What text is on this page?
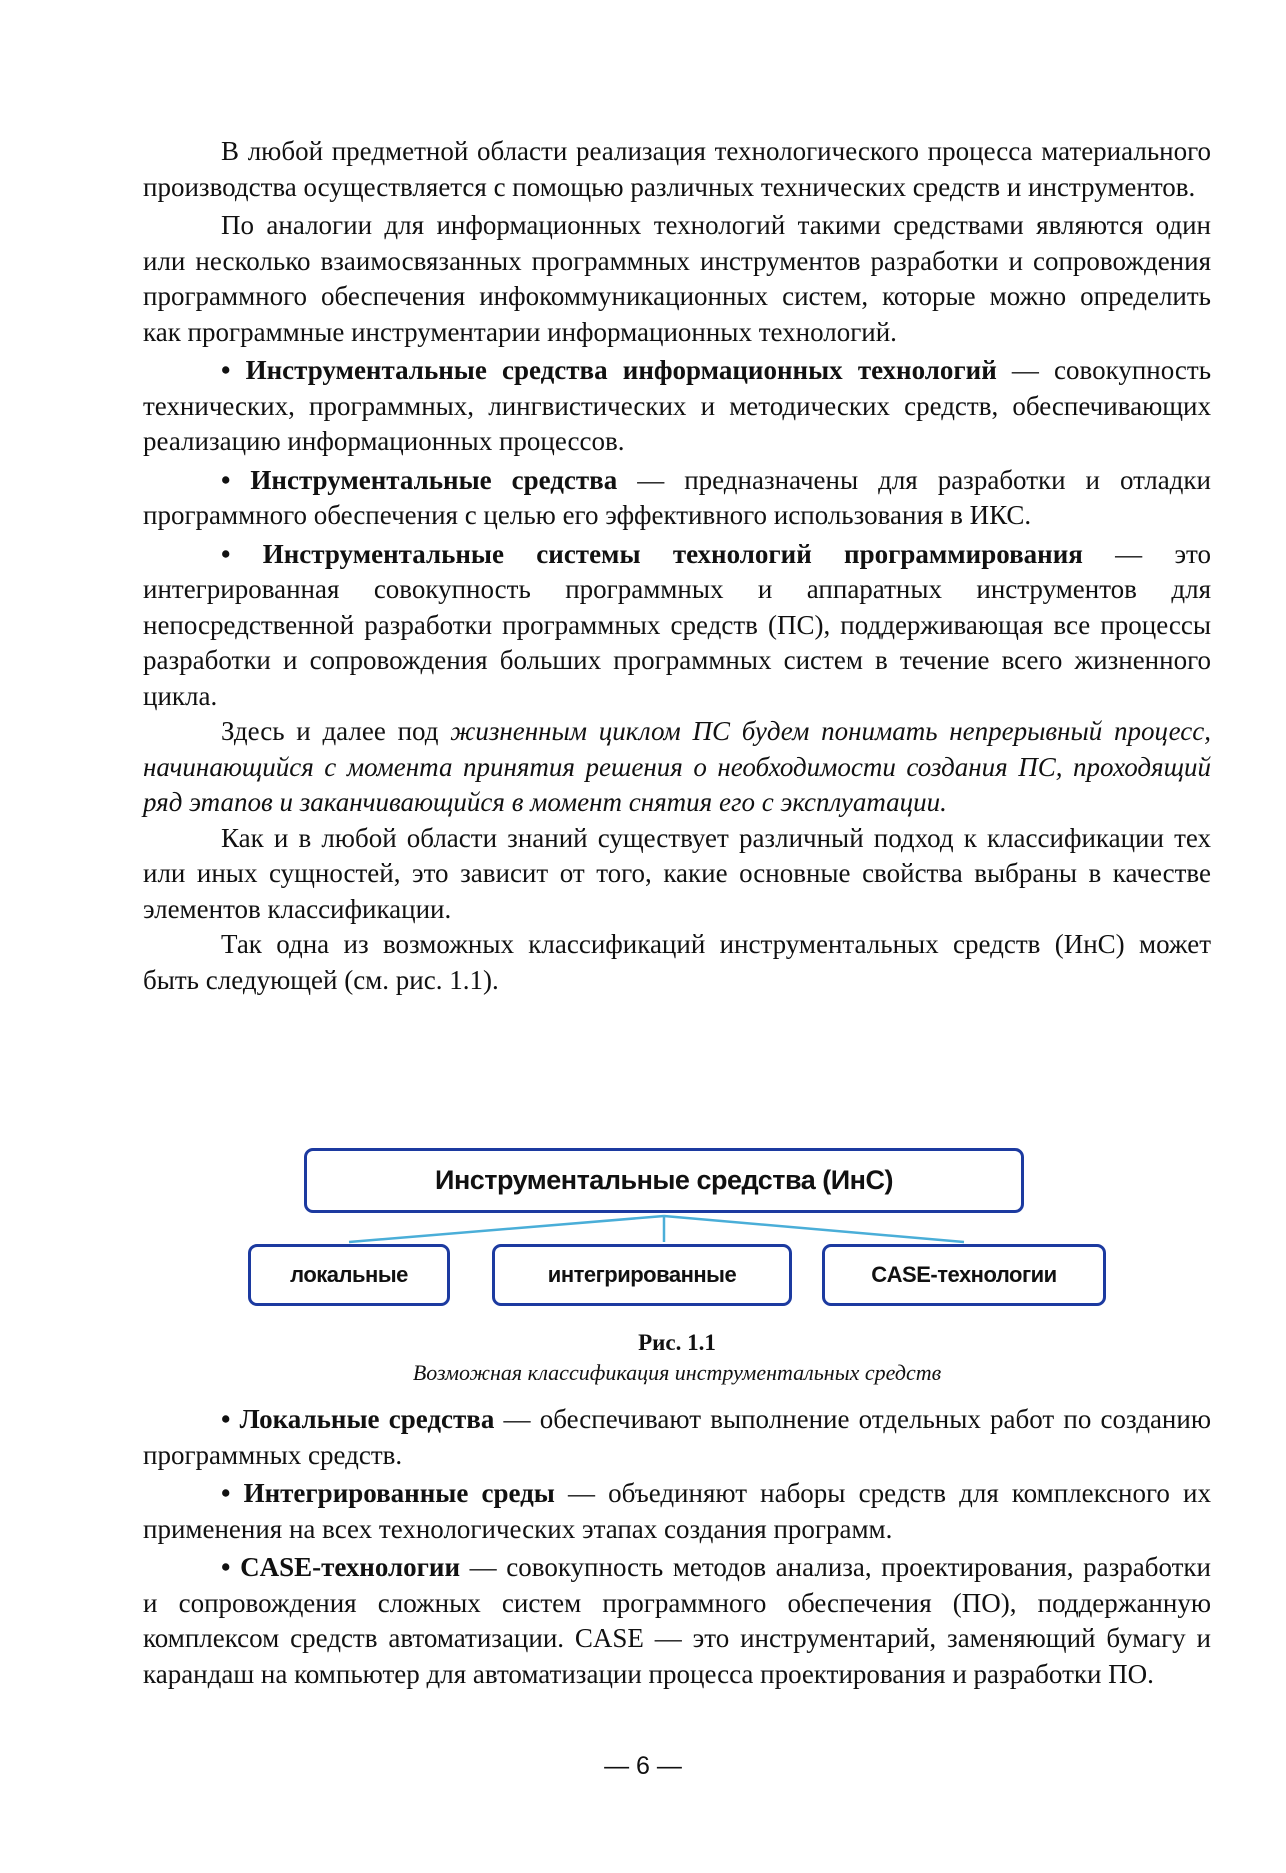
В любой предметной области реализация технологического процесса материального производства осуществляется с помощью различных технических средств и инструментов.

По аналогии для информационных технологий такими средствами являются один или несколько взаимосвязанных программных инструментов разработки и сопровождения программного обеспечения инфокоммуникационных систем, которые можно определить как программные инструментарии информационных технологий.

• Инструментальные средства информационных технологий — совокупность технических, программных, лингвистических и методических средств, обеспечивающих реализацию информационных процессов.

• Инструментальные средства — предназначены для разработки и отладки программного обеспечения с целью его эффективного использования в ИКС.

• Инструментальные системы технологий программирования — это интегрированная совокупность программных и аппаратных инструментов для непосредственной разработки программных средств (ПС), поддерживающая все процессы разработки и сопровождения больших программных систем в течение всего жизненного цикла.

Здесь и далее под жизненным циклом ПС будем понимать непрерывный процесс, начинающийся с момента принятия решения о необходимости создания ПС, проходящий ряд этапов и заканчивающийся в момент снятия его с эксплуатации.

Как и в любой области знаний существует различный подход к классификации тех или иных сущностей, это зависит от того, какие основные свойства выбраны в качестве элементов классификации.

Так одна из возможных классификаций инструментальных средств (ИнС) может быть следующей (см. рис. 1.1).

Инструментальные средства (ИнС)
локальные	интегрированные	CASE-технологии
Рис. 1.1
Возможная классификация инструментальных средств

• Локальные средства — обеспечивают выполнение отдельных работ по созданию программных средств.

• Интегрированные среды — объединяют наборы средств для комплексного их применения на всех технологических этапах создания программ.

• CASE-технологии — совокупность методов анализа, проектирования, разработки и сопровождения сложных систем программного обеспечения (ПО), поддержанную комплексом средств автоматизации. CASE — это инструментарий, заменяющий бумагу и карандаш на компьютер для автоматизации процесса проектирования и разработки ПО.

— 6 —
